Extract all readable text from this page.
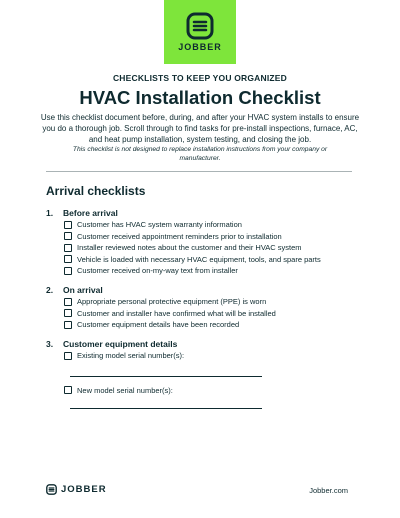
JOBBER
CHECKLISTS TO KEEP YOU ORGANIZED
HVAC Installation Checklist

Use this checklist document before, during, and after your HVAC system installs to ensure you do a thorough job. Scroll through to find tasks for pre-install inspections, furnace, AC, and heat pump installation, system testing, and closing the job.

This checklist is not designed to replace installation instructions from your company or manufacturer.

Arrival checklists
1.	Before arrival
Customer has HVAC system warranty information
Customer received appointment reminders prior to installation
Installer reviewed notes about the customer and their HVAC system
Vehicle is loaded with necessary HVAC equipment, tools, and spare parts
Customer received on-my-way text from installer
2.	On arrival
Appropriate personal protective equipment (PPE) is worn
Customer and installer have confirmed what will be installed
Customer equipment details have been recorded
3.	Customer equipment details
Existing model serial number(s):
New model serial number(s):
JOBBER	Jobber.com
